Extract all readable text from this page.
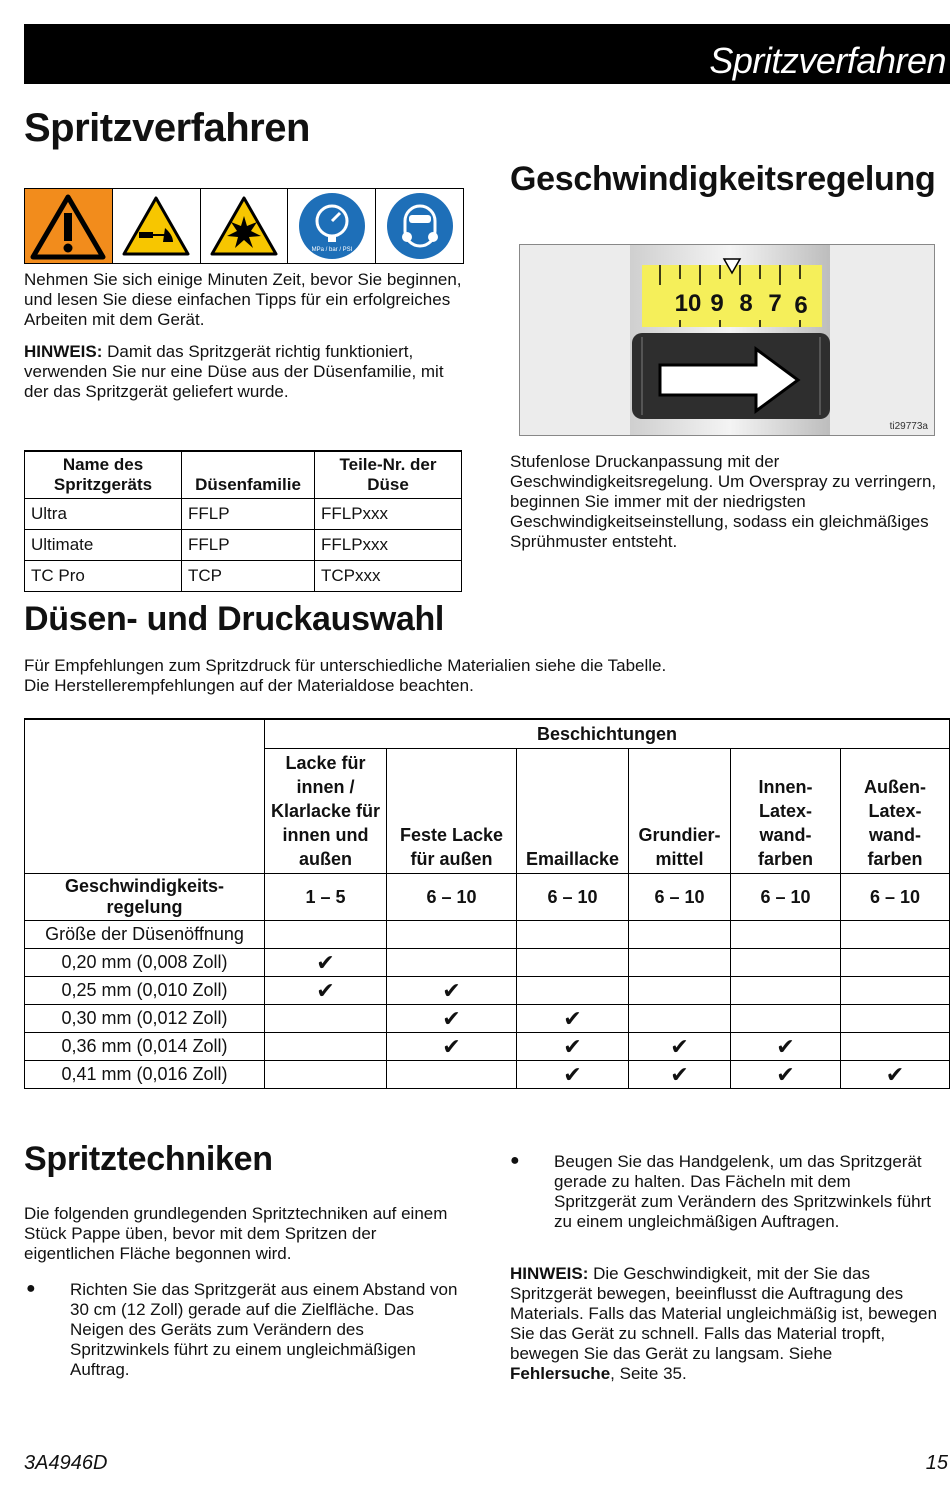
Spritzverfahren
Spritzverfahren
MPa / bar / PSI
Nehmen Sie sich einige Minuten Zeit, bevor Sie beginnen, und lesen Sie diese einfachen Tipps für ein erfolgreiches Arbeiten mit dem Gerät.
HINWEIS: Damit das Spritzgerät richtig funktioniert, verwenden Sie nur eine Düse aus der Düsenfamilie, mit der das Spritzgerät geliefert wurde.
Name des Spritzgeräts	Düsenfamilie	Teile-Nr. der Düse
Ultra	FFLP	FFLPxxx
Ultimate	FFLP	FFLPxxx
TC Pro	TCP	TCPxxx
Geschwindigkeitsregelung
10 9 8 7 6
ti29773a
Stufenlose Druckanpassung mit der Geschwindigkeitsregelung. Um Overspray zu verringern, beginnen Sie immer mit der niedrigsten Geschwindigkeitseinstellung, sodass ein gleichmäßiges Sprühmuster entsteht.
Düsen- und Druckauswahl
Für Empfehlungen zum Spritzdruck für unterschiedliche Materialien siehe die Tabelle.
Die Herstellerempfehlungen auf der Materialdose beachten.
	Beschichtungen					
	Lacke für innen / Klarlacke für innen und außen	Feste Lacke für außen	Emaillacke	Grundier-mittel	Innen-Latex-wand-farben	Außen-Latex-wand-farben
Geschwindigkeits-regelung	1 – 5	6 – 10	6 – 10	6 – 10	6 – 10	6 – 10
Größe der Düsenöffnung						
0,20 mm (0,008 Zoll)	✔					
0,25 mm (0,010 Zoll)	✔	✔				
0,30 mm (0,012 Zoll)		✔	✔			
0,36 mm (0,014 Zoll)		✔	✔	✔	✔	
0,41 mm (0,016 Zoll)			✔	✔	✔	✔
Spritztechniken
Die folgenden grundlegenden Spritztechniken auf einem Stück Pappe üben, bevor mit dem Spritzen der eigentlichen Fläche begonnen wird.
● Richten Sie das Spritzgerät aus einem Abstand von 30 cm (12 Zoll) gerade auf die Zielfläche. Das Neigen des Geräts zum Verändern des Spritzwinkels führt zu einem ungleichmäßigen Auftrag.
● Beugen Sie das Handgelenk, um das Spritzgerät gerade zu halten. Das Fächeln mit dem Spritzgerät zum Verändern des Spritzwinkels führt zu einem ungleichmäßigen Auftragen.
HINWEIS: Die Geschwindigkeit, mit der Sie das Spritzgerät bewegen, beeinflusst die Auftragung des Materials. Falls das Material ungleichmäßig ist, bewegen Sie das Gerät zu schnell. Falls das Material tropft, bewegen Sie das Gerät zu langsam. Siehe Fehlersuche, Seite 35.
3A4946D	15
